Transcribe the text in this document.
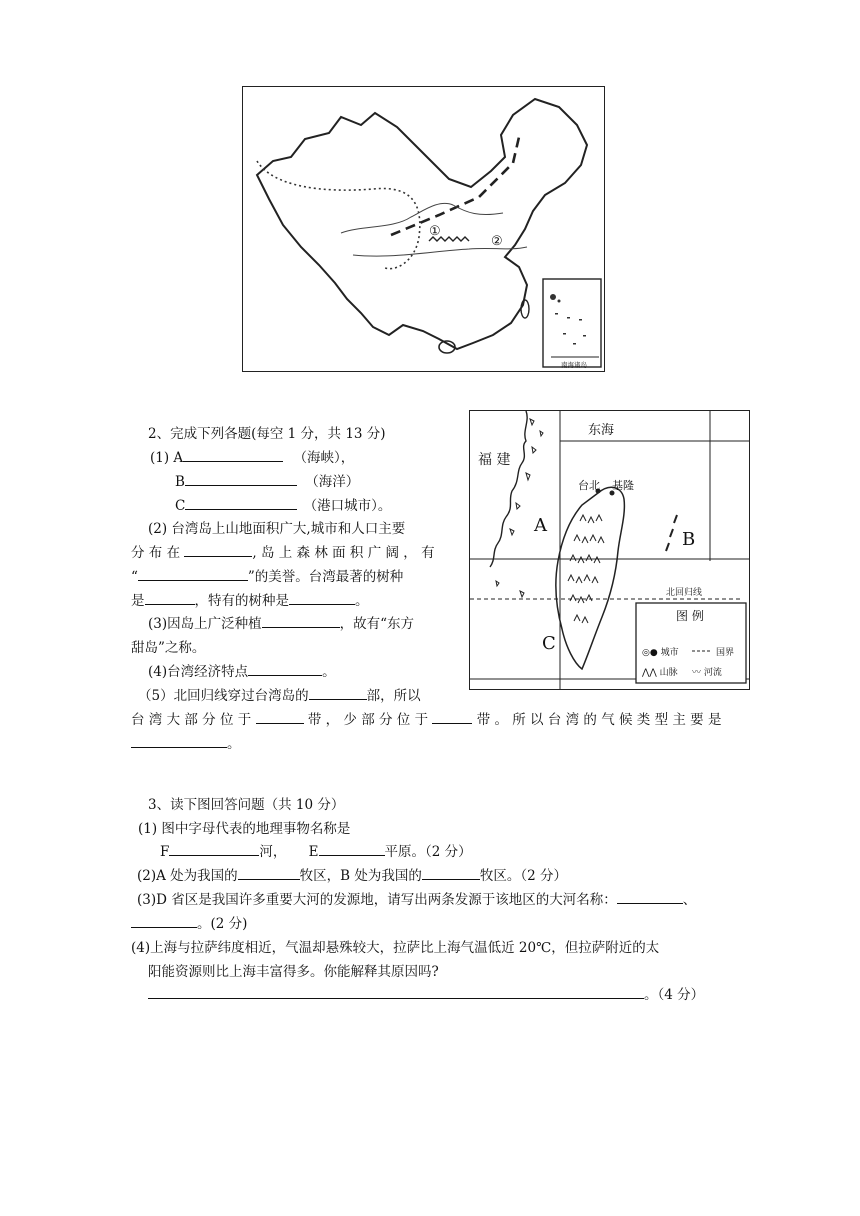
①
②
南海诸岛
北回归线
东海
福 建
台北 基隆
A
B
C
图 例
◎● 城市	国界
⋀⋀ 山脉 〰 河流
2、完成下列各题(每空 1 分，共 13 分)
(1) A	（海峡），
B	（海洋）
C	（港口城市）。
(2) 台湾岛上山地面积广大,城市和人口主要
分 布 在	, 岛 上 森 林 面 积 广 阔 ， 有
“	”的美誉。台湾最著的树种
是	，特有的树种是	。
(3)因岛上广泛种植	，故有“东方
甜岛”之称。
(4)台湾经济特点	。
（5）北回归线穿过台湾岛的	部，所以
台 湾 大 部 分 位 于	带 ， 少 部 分 位 于	带 。 所 以 台 湾 的 气 候 类 型 主 要 是
。
3、读下图回答问题（共 10 分）
(1) 图中字母代表的地理事物名称是
F	河， E	平原。（2 分）
(2)A 处为我国的	牧区，B 处为我国的	牧区。（2 分）
(3)D 省区是我国许多重要大河的发源地，请写出两条发源于该地区的大河名称：	、
。(2 分)
(4)上海与拉萨纬度相近，气温却悬殊较大，拉萨比上海气温低近 20℃，但拉萨附近的太
阳能资源则比上海丰富得多。你能解释其原因吗?
。（4 分）
